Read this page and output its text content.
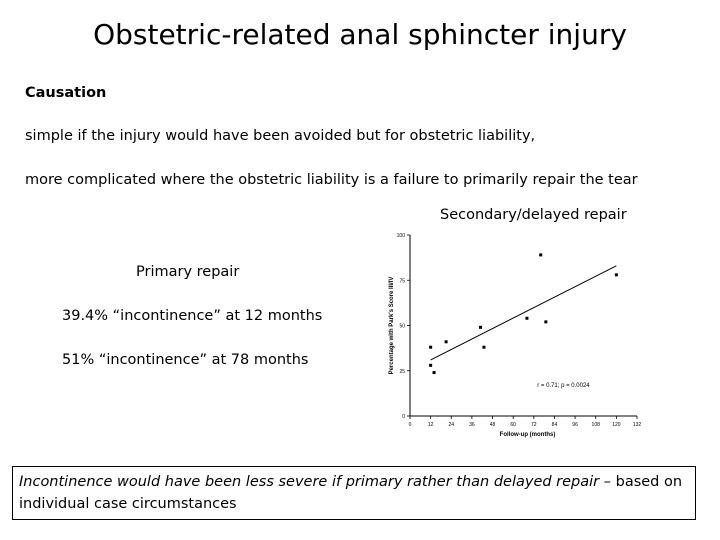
Obstetric-related anal sphincter injury
Causation
simple if the injury would have been avoided but for obstetric liability,
more complicated where the obstetric liability is a failure to primarily repair the tear
Secondary/delayed repair
Primary repair
39.4% “incontinence” at 12 months
51% “incontinence” at 78 months
0
25
50
75
100
0	12	24	36	48	60	72	84	96	108 120 132
Follow-up (months)
Percentage with Park's Score III/IV
r = 0.71; p = 0.0024
Incontinence would have been less severe if primary rather than delayed repair – based on individual case circumstances
